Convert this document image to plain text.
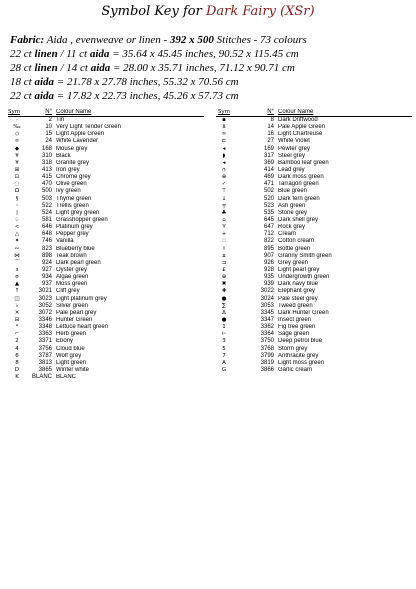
Symbol Key for Dark Fairy (XSr)
Fabric: Aida , evenweave or linen - 392 x 500 Stitches - 73 colours
22 ct linen / 11 ct aida = 35.64 x 45.45 inches, 90.52 x 115.45 cm
28 ct linen / 14 ct aida = 28.00 x 35.71 inches, 71.12 x 90.71 cm
18 ct aida = 21.78 x 27.78 inches, 55.32 x 70.56 cm
22 ct aida = 17.82 x 22.73 inches, 45.26 x 57.73 cm
Sym	N° Colour Name
·	2 Tin
‰	10 Very Light Tender Green
◇	15 Light Apple Green
∞	24 White Lavender
◆	168 Mouse grey
¥	310 Black
¥	318 Granite grey
⊞	413 Iron grey
⊡	415 Chrome grey
◌	470 Olive green
Ω	500 Ivy green
§	503 Thyme green
◦	522 Trellis green
|	524 Light grey green
♤	581 Grasshopper green
<	646 Platinum grey
△	648 Pepper grey
✦	746 Vanilla
∾	823 Blueberry blue
⋈	898 Teak brown
⌒	924 Dark pearl green
з	927 Oyster grey
ʊ	934 Algae green
▲	937 Moss green
↑	3021 Cliff grey
◫	3023 Light platinum grey
♭	3052 Silver green
✕	3072 Pale pearl grey
⊟	3346 Hunter Green
*	3348 Lettuce heart green
⌐	3363 Herb green
2	3371 Ebony
4	3756 Cloud blue
6	3787 Wolf grey
8	3813 Light green
D	3865 Winter white
K	BLANC BLANC
Sym	N° Colour Name
▪	8 Dark Driftwood
⊻	14 Pale Apple Green
∞	16 Light Chartreuse
⊏	27 White Violet
◂	169 Pewter grey
◗	317 Steel grey
◂	369 Bamboo leaf green
∩	414 Lead grey
⊕	469 Dark moss green
✓	471 Tarragon green
⊤	502 Blue green
↓	520 Dark fern green
╤	523 Ash green
♣	535 Stone grey
⌂	645 Dark shell grey
Y	647 Rock grey
+	712 Cream
∷	822 Cotton cream
☓	895 Bottle green
ϫ	907 Granny Smith green
⊐	926 Grey green
£	928 Light pearl grey
⊕	935 Undergrowth green
✖	939 Dark navy blue
✚	3022 Elephant grey
●	3024 Pale steel grey
∑	3053 Tweed green
Δ	3345 Dark Hunter Green
●	3347 Insect green
1	3362 Fig tree green
⊢	3364 Sage green
3	3750 Deep petrol blue
5	3768 Storm grey
7	3799 Anthracite grey
A	3819 Light moss green
G	3866 Garlic cream
